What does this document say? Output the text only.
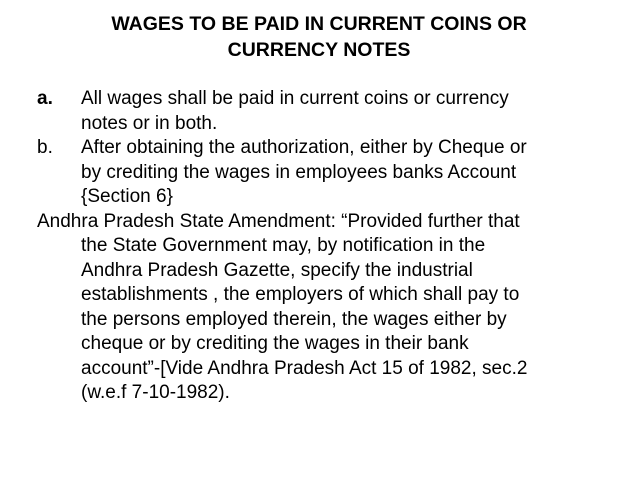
WAGES TO BE PAID IN CURRENT COINS OR
CURRENCY NOTES
a. All wages shall be paid in current coins or currency
notes or in both.
b. After obtaining the authorization, either by Cheque or
by crediting the wages in employees banks Account
{Section 6}
Andhra Pradesh State Amendment: “Provided further that
the State Government may, by notification in the
Andhra Pradesh Gazette, specify the industrial
establishments , the employers of which shall pay to
the persons employed therein, the wages either by
cheque or by crediting the wages in their bank
account”-[Vide Andhra Pradesh Act 15 of 1982, sec.2
(w.e.f 7-10-1982).
